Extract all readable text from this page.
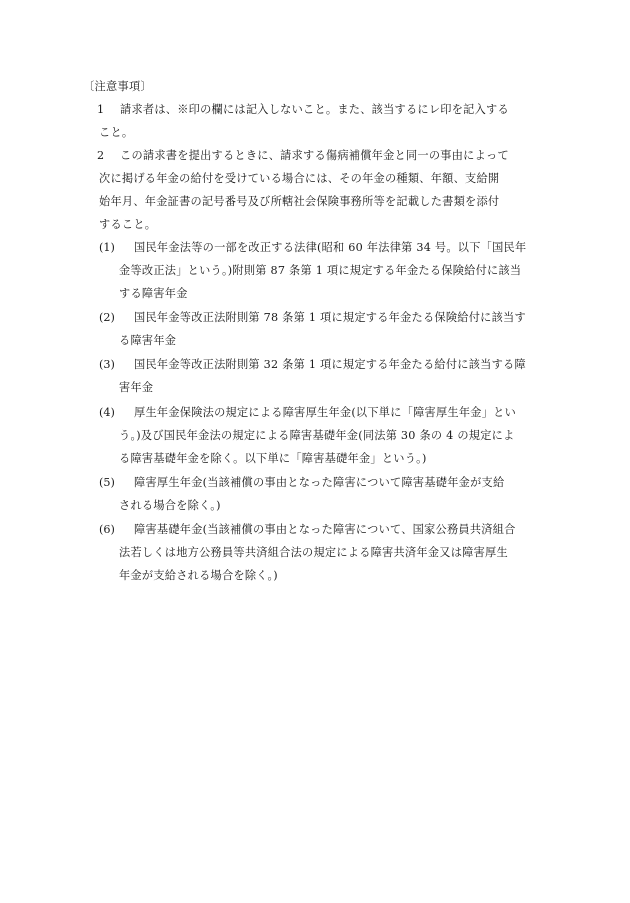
〔注意事項〕
1 請求者は、※印の欄には記入しないこと。また、該当するにレ印を記入する
こと。
2 この請求書を提出するときに、請求する傷病補償年金と同一の事由によって
次に掲げる年金の給付を受けている場合には、その年金の種類、年額、支給開
始年月、年金証書の記号番号及び所轄社会保険事務所等を記載した書類を添付
すること。
(1) 国民年金法等の一部を改正する法律(昭和 60 年法律第 34 号。以下「国民年
金等改正法」という。)附則第 87 条第 1 項に規定する年金たる保険給付に該当
する障害年金
(2) 国民年金等改正法附則第 78 条第 1 項に規定する年金たる保険給付に該当す
る障害年金
(3) 国民年金等改正法附則第 32 条第 1 項に規定する年金たる給付に該当する障
害年金
(4) 厚生年金保険法の規定による障害厚生年金(以下単に「障害厚生年金」とい
う。)及び国民年金法の規定による障害基礎年金(同法第 30 条の 4 の規定によ
る障害基礎年金を除く。以下単に「障害基礎年金」という。)
(5) 障害厚生年金(当該補償の事由となった障害について障害基礎年金が支給
される場合を除く。)
(6) 障害基礎年金(当該補償の事由となった障害について、国家公務員共済組合
法若しくは地方公務員等共済組合法の規定による障害共済年金又は障害厚生
年金が支給される場合を除く。)
